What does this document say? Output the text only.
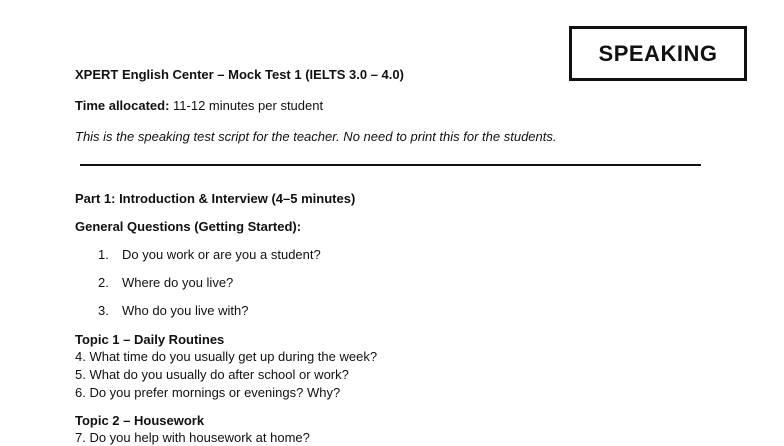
SPEAKING
XPERT English Center – Mock Test 1 (IELTS 3.0 – 4.0)
Time allocated: 11-12 minutes per student
This is the speaking test script for the teacher. No need to print this for the students.
Part 1: Introduction & Interview (4–5 minutes)
General Questions (Getting Started):
1. Do you work or are you a student?
2. Where do you live?
3. Who do you live with?
Topic 1 – Daily Routines
4. What time do you usually get up during the week?
5. What do you usually do after school or work?
6. Do you prefer mornings or evenings? Why?
Topic 2 – Housework
7. Do you help with housework at home?
